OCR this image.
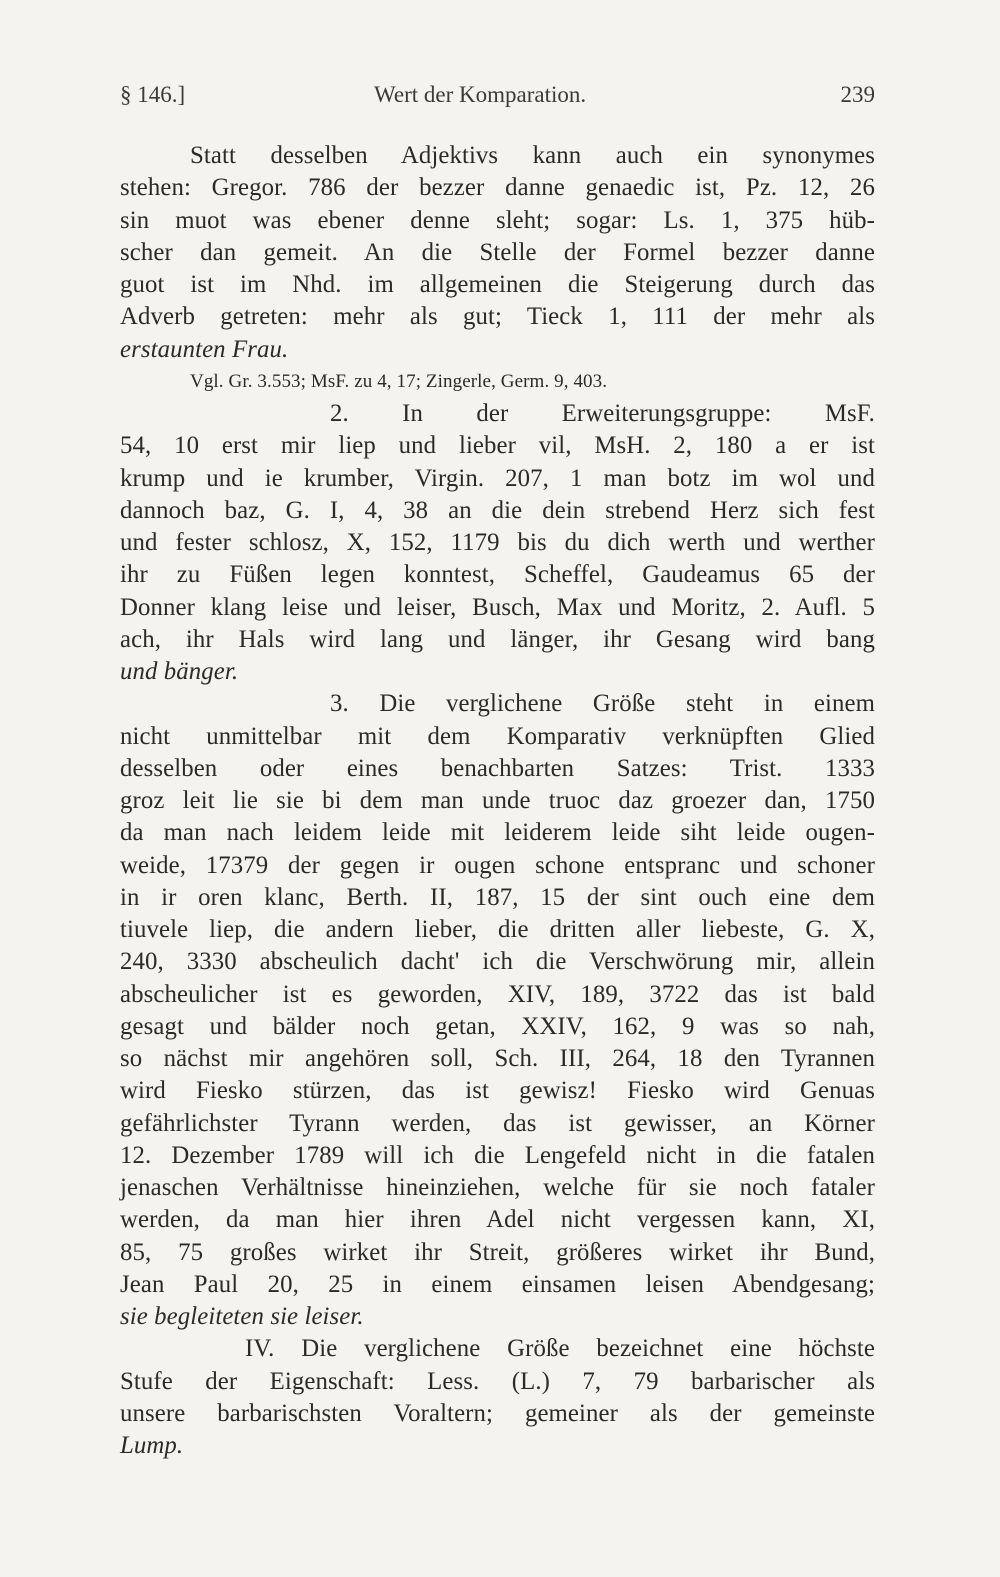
§ 146.]	Wert der Komparation.	239
Statt desselben Adjektivs kann auch ein synonymes
stehen: Gregor. 786 der bezzer danne genaedic ist, Pz. 12, 26
sin muot was ebener denne sleht; sogar: Ls. 1, 375 hüb-
scher dan gemeit. An die Stelle der Formel bezzer danne
guot ist im Nhd. im allgemeinen die Steigerung durch das
Adverb getreten: mehr als gut; Tieck 1, 111 der mehr als
erstaunten Frau.
Vgl. Gr. 3.553; MsF. zu 4, 17; Zingerle, Germ. 9, 403.
2. In der Erweiterungsgruppe: MsF.
54, 10 erst mir liep und lieber vil, MsH. 2, 180 a er ist
krump und ie krumber, Virgin. 207, 1 man botz im wol und
dannoch baz, G. I, 4, 38 an die dein strebend Herz sich fest
und fester schlosz, X, 152, 1179 bis du dich werth und werther
ihr zu Füßen legen konntest, Scheffel, Gaudeamus 65 der
Donner klang leise und leiser, Busch, Max und Moritz, 2. Aufl. 5
ach, ihr Hals wird lang und länger, ihr Gesang wird bang
und bänger.
3. Die verglichene Größe steht in einem
nicht unmittelbar mit dem Komparativ verknüpften Glied
desselben oder eines benachbarten Satzes: Trist. 1333
groz leit lie sie bi dem man unde truoc daz groezer dan, 1750
da man nach leidem leide mit leiderem leide siht leide ougen-
weide, 17379 der gegen ir ougen schone entspranc und schoner
in ir oren klanc, Berth. II, 187, 15 der sint ouch eine dem
tiuvele liep, die andern lieber, die dritten aller liebeste, G. X,
240, 3330 abscheulich dacht' ich die Verschwörung mir, allein
abscheulicher ist es geworden, XIV, 189, 3722 das ist bald
gesagt und bälder noch getan, XXIV, 162, 9 was so nah,
so nächst mir angehören soll, Sch. III, 264, 18 den Tyrannen
wird Fiesko stürzen, das ist gewisz! Fiesko wird Genuas
gefährlichster Tyrann werden, das ist gewisser, an Körner
12. Dezember 1789 will ich die Lengefeld nicht in die fatalen
jenaschen Verhältnisse hineinziehen, welche für sie noch fataler
werden, da man hier ihren Adel nicht vergessen kann, XI,
85, 75 großes wirket ihr Streit, größeres wirket ihr Bund,
Jean Paul 20, 25 in einem einsamen leisen Abendgesang;
sie begleiteten sie leiser.
IV. Die verglichene Größe bezeichnet eine höchste
Stufe der Eigenschaft: Less. (L.) 7, 79 barbarischer als
unsere barbarischsten Voraltern; gemeiner als der gemeinste
Lump.
